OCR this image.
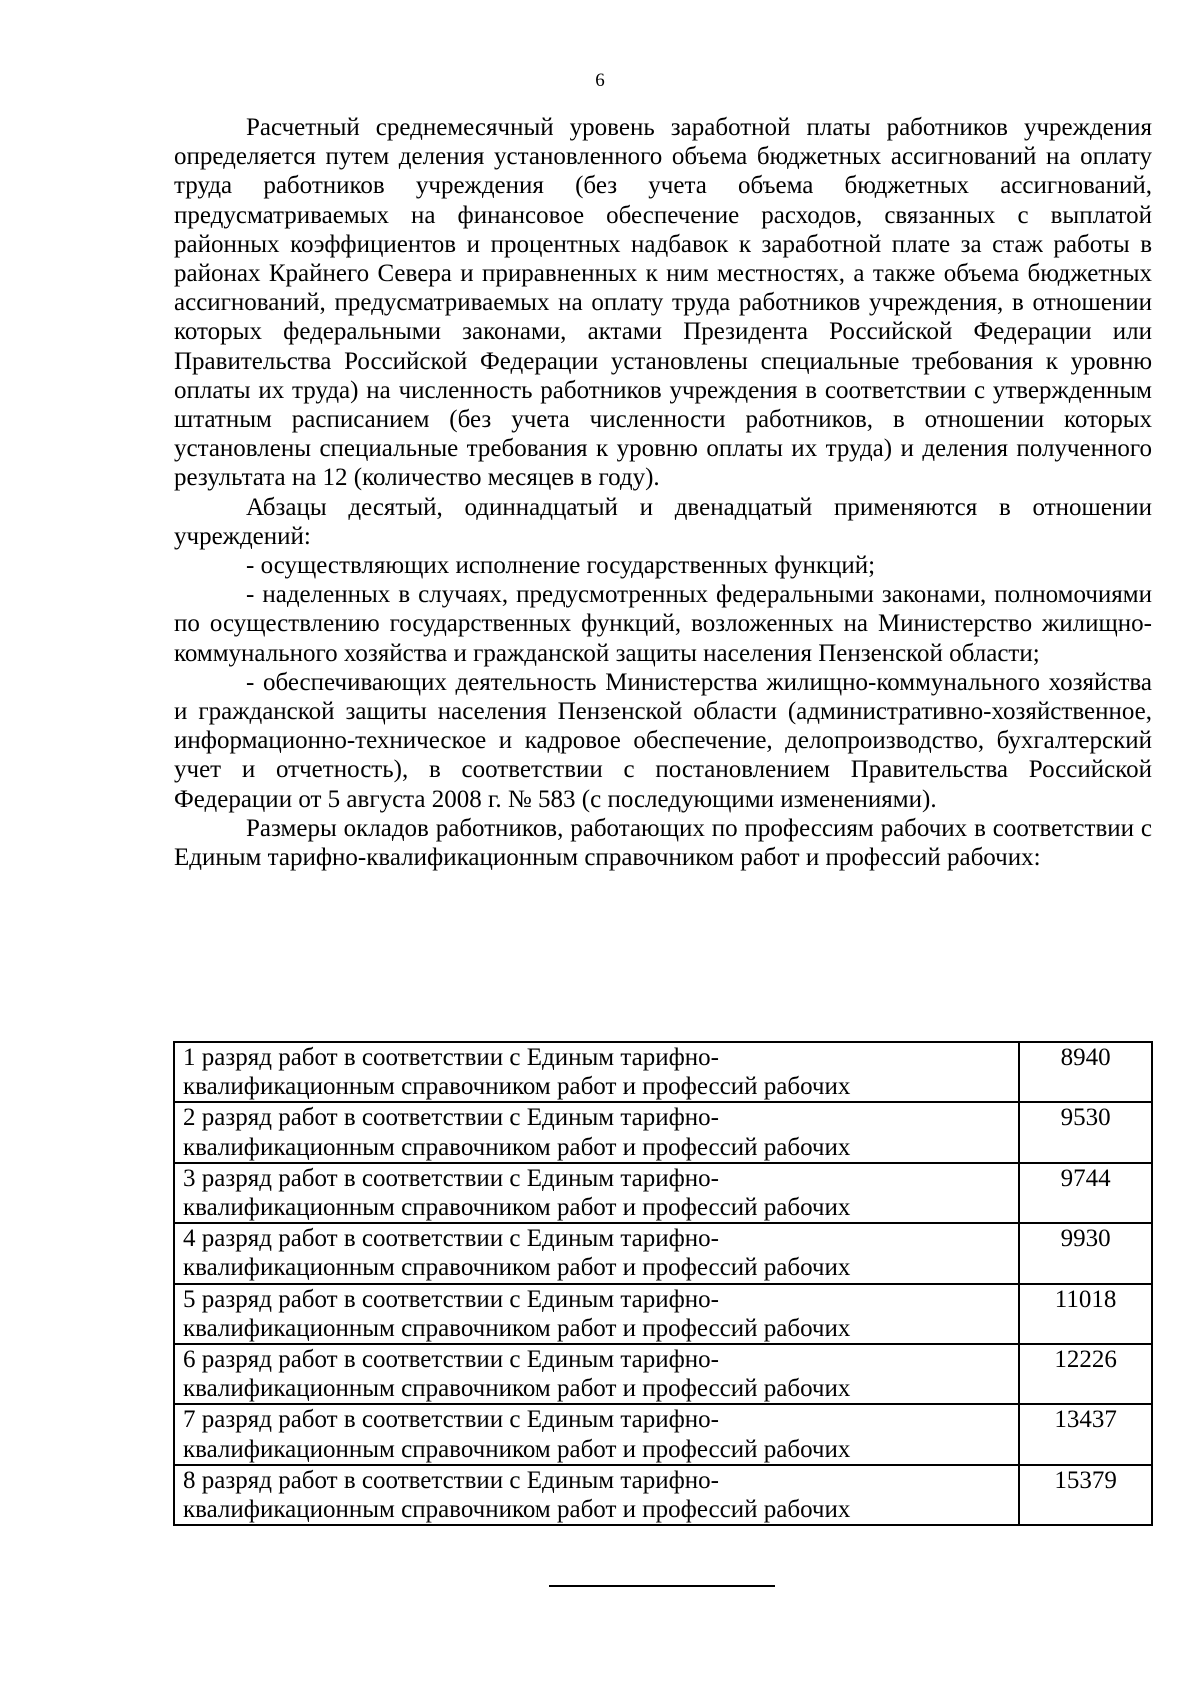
6

Расчетный среднемесячный уровень заработной платы работников учреждения определяется путем деления установленного объема бюджетных ассигнований на оплату труда работников учреждения (без учета объема бюджетных ассигнований, предусматриваемых на финансовое обеспечение расходов, связанных с выплатой районных коэффициентов и процентных надбавок к заработной плате за стаж работы в районах Крайнего Севера и приравненных к ним местностях, а также объема бюджетных ассигнований, предусматриваемых на оплату труда работников учреждения, в отношении которых федеральными законами, актами Президента Российской Федерации или Правительства Российской Федерации установлены специальные требования к уровню оплаты их труда) на численность работников учреждения в соответствии с утвержденным штатным расписанием (без учета численности работников, в отношении которых установлены специальные требования к уровню оплаты их труда) и деления полученного результата на 12 (количество месяцев в году).

Абзацы десятый, одиннадцатый и двенадцатый применяются в отношении учреждений:

- осуществляющих исполнение государственных функций;

- наделенных в случаях, предусмотренных федеральными законами, полномочиями по осуществлению государственных функций, возложенных на Министерство жилищно-коммунального хозяйства и гражданской защиты населения Пензенской области;

- обеспечивающих деятельность Министерства жилищно-коммунального хозяйства и гражданской защиты населения Пензенской области (административно-хозяйственное, информационно-техническое и кадровое обеспечение, делопроизводство, бухгалтерский учет и отчетность), в соответствии с постановлением Правительства Российской Федерации от 5 августа 2008 г. № 583 (с последующими изменениями).

Размеры окладов работников, работающих по профессиям рабочих в соответствии с Единым тарифно-квалификационным справочником работ и профессий рабочих:

1 разряд работ в соответствии с Единым тарифно-
квалификационным справочником работ и профессий рабочих	8940
2 разряд работ в соответствии с Единым тарифно-
квалификационным справочником работ и профессий рабочих	9530
3 разряд работ в соответствии с Единым тарифно-
квалификационным справочником работ и профессий рабочих	9744
4 разряд работ в соответствии с Единым тарифно-
квалификационным справочником работ и профессий рабочих	9930
5 разряд работ в соответствии с Единым тарифно-
квалификационным справочником работ и профессий рабочих	11018
6 разряд работ в соответствии с Единым тарифно-
квалификационным справочником работ и профессий рабочих	12226
7 разряд работ в соответствии с Единым тарифно-
квалификационным справочником работ и профессий рабочих	13437
8 разряд работ в соответствии с Единым тарифно-
квалификационным справочником работ и профессий рабочих	15379
